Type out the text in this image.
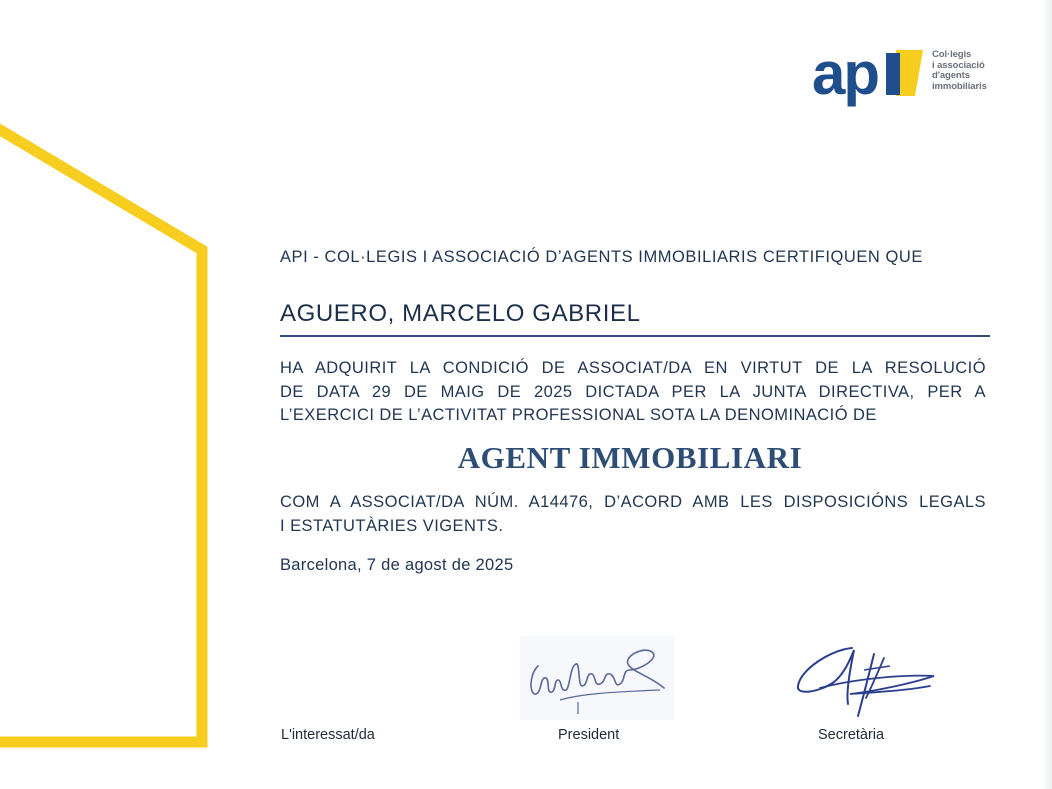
ap	Col·legis
i associació
d'agents
immobiliaris
API - COL·LEGIS I ASSOCIACIÓ D’AGENTS IMMOBILIARIS CERTIFIQUEN QUE
AGUERO, MARCELO GABRIEL
HA ADQUIRIT LA CONDICIÓ DE ASSOCIAT/DA EN VIRTUT DE LA RESOLUCIÓ
DE DATA 29 DE MAIG DE 2025 DICTADA PER LA JUNTA DIRECTIVA, PER A
L’EXERCICI DE L’ACTIVITAT PROFESSIONAL SOTA LA DENOMINACIÓ DE
AGENT IMMOBILIARI
COM A ASSOCIAT/DA NÚM. A14476, D’ACORD AMB LES DISPOSICIÓNS LEGALS
I ESTATUTÀRIES VIGENTS.
Barcelona, 7 de agost de 2025
L'interessat/da	President	Secretària
